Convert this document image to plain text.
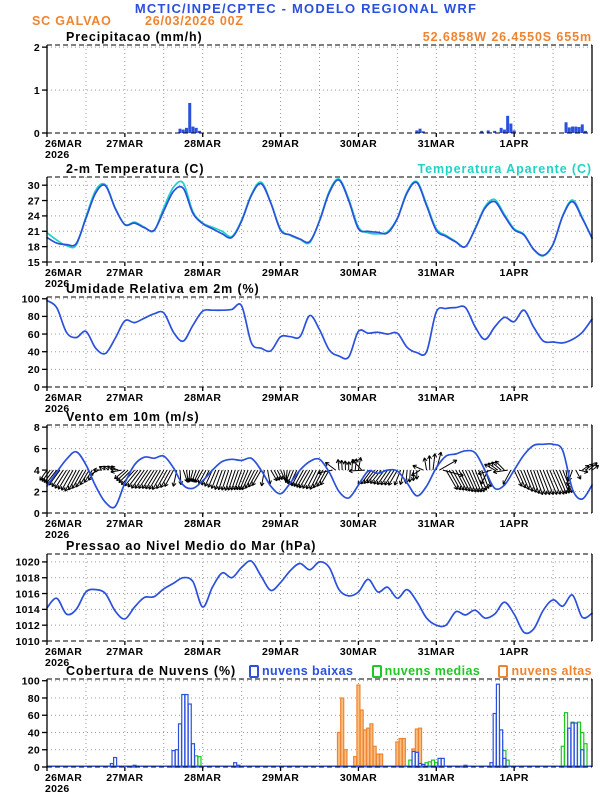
0
1
2
26MAR
2026
27MAR	28MAR	29MAR	30MAR	31MAR	1APR
15
18
21
24
27
30
26MAR
2026
27MAR	28MAR	29MAR	30MAR	31MAR	1APR
0
20
40
60
80
100
26MAR
2026
27MAR	28MAR	29MAR	30MAR	31MAR	1APR
0
2
4
6
8
26MAR
2026
27MAR	28MAR	29MAR	30MAR	31MAR	1APR
1010
1012
1014
1016
1018
1020
26MAR
2026
27MAR	28MAR	29MAR	30MAR	31MAR	1APR
0
20
40
60
80
100
26MAR
2026
27MAR	28MAR	29MAR	30MAR	31MAR	1APR
MCTIC/INPE/CPTEC - MODELO REGIONAL WRF
SC GALVAO	26/03/2026 00Z
Precipitacao (mm/h)	52.6858W 26.4550S 655m
2-m Temperatura (C)	Temperatura Aparente (C)
Umidade Relativa em 2m (%)
Vento em 10m (m/s)
Pressao ao Nivel Medio do Mar (hPa)
Cobertura de Nuvens (%) nuvens baixas	nuvens medias	nuvens altas
